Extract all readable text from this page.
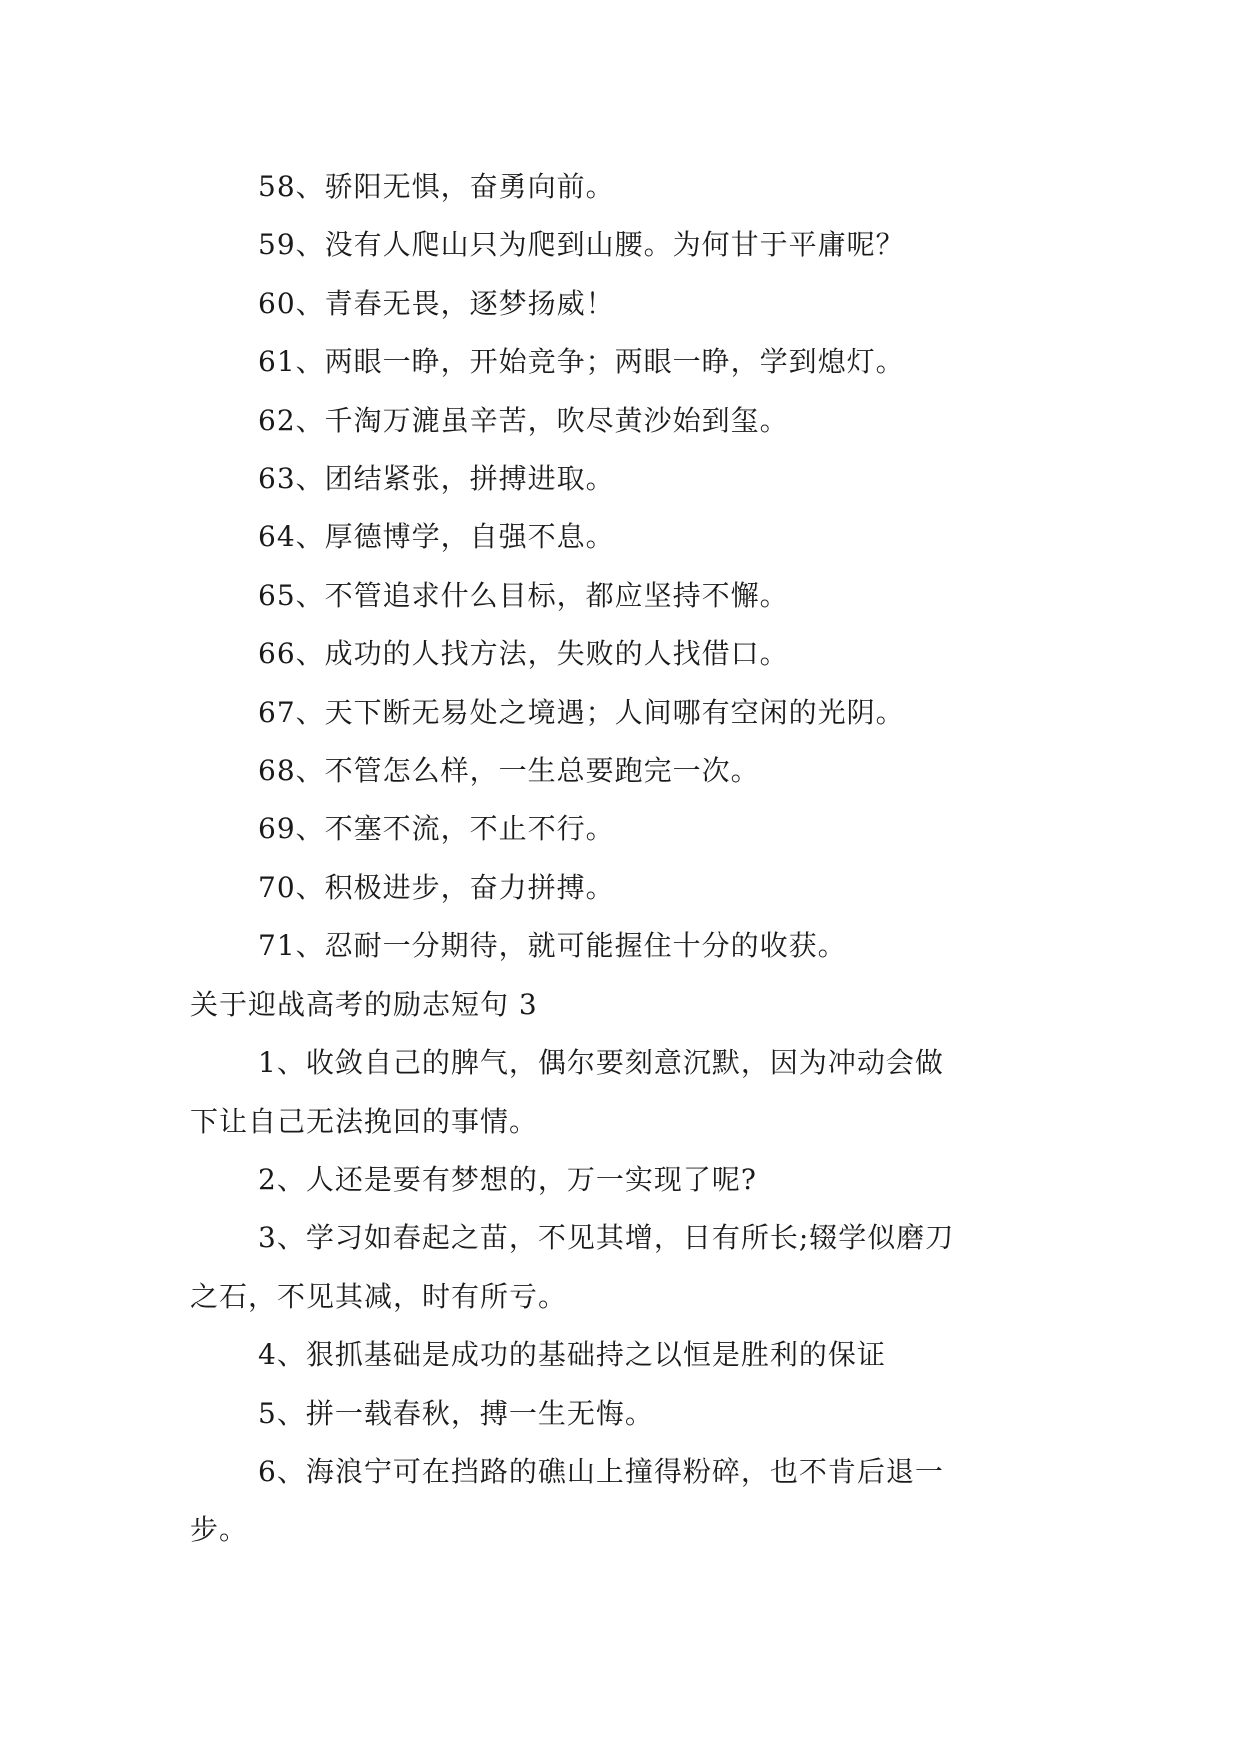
58、骄阳无惧，奋勇向前。
59、没有人爬山只为爬到山腰。为何甘于平庸呢？
60、青春无畏，逐梦扬威！
61、两眼一睁，开始竞争；两眼一睁，学到熄灯。
62、千淘万漉虽辛苦，吹尽黄沙始到玺。
63、团结紧张，拼搏进取。
64、厚德博学，自强不息。
65、不管追求什么目标，都应坚持不懈。
66、成功的人找方法，失败的人找借口。
67、天下断无易处之境遇；人间哪有空闲的光阴。
68、不管怎么样，一生总要跑完一次。
69、不塞不流，不止不行。
70、积极进步，奋力拼搏。
71、忍耐一分期待，就可能握住十分的收获。
关于迎战高考的励志短句 3
1、收敛自己的脾气，偶尔要刻意沉默，因为冲动会做
下让自己无法挽回的事情。
2、人还是要有梦想的，万一实现了呢?
3、学习如春起之苗，不见其增，日有所长;辍学似磨刀
之石，不见其减，时有所亏。
4、狠抓基础是成功的基础持之以恒是胜利的保证
5、拼一载春秋，搏一生无悔。
6、海浪宁可在挡路的礁山上撞得粉碎，也不肯后退一
步。
